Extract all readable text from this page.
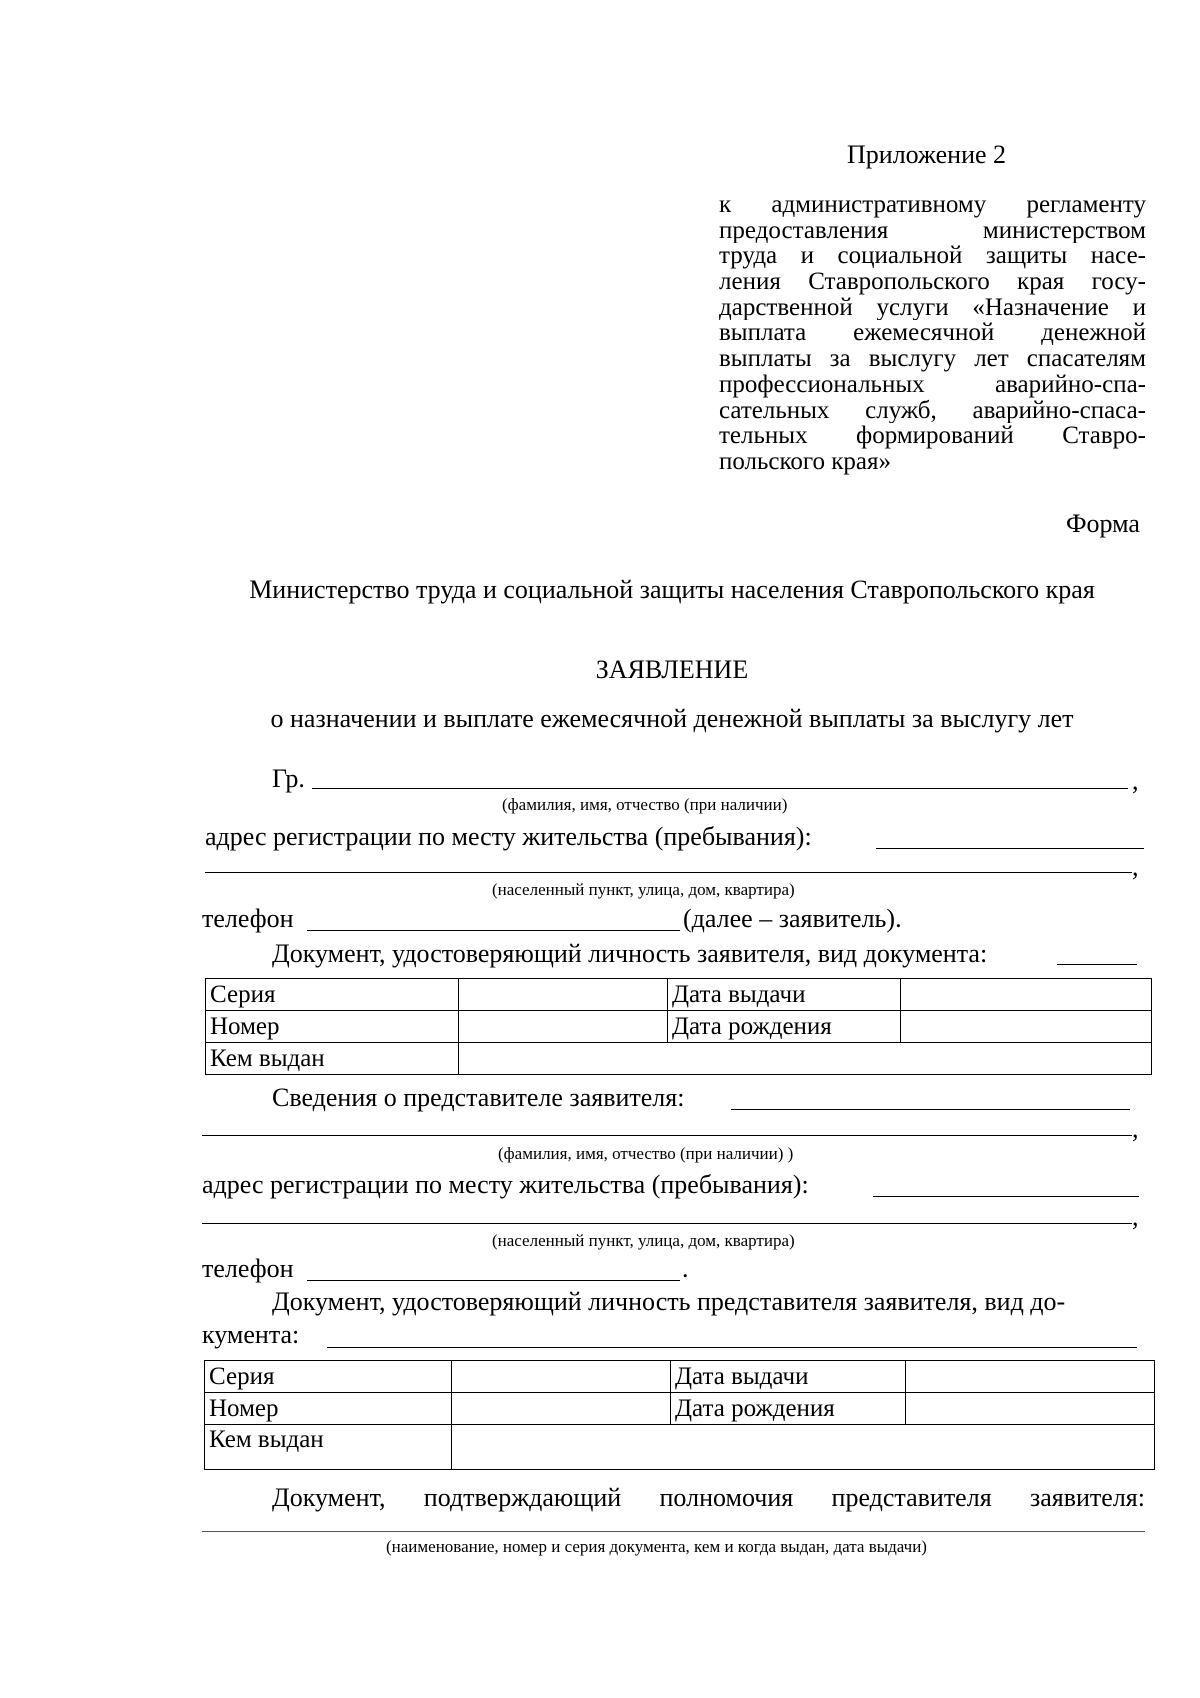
Приложение 2
к административному регламенту
предоставления министерством
труда и социальной защиты насе-
ления Ставропольского края госу-
дарственной услуги «Назначение и
выплата ежемесячной денежной
выплаты за выслугу лет спасателям
профессиональных аварийно-спа-
сательных служб, аварийно-спаса-
тельных формирований Ставро-
польского края»
Форма
Министерство труда и социальной защиты населения Ставропольского края
ЗАЯВЛЕНИЕ
о назначении и выплате ежемесячной денежной выплаты за выслугу лет
Гр.	,
(фамилия, имя, отчество (при наличии)
адрес регистрации по месту жительства (пребывания):
,
(населенный пункт, улица, дом, квартира)
телефон	(далее – заявитель).
Документ, удостоверяющий личность заявителя, вид документа:
Серия		Дата выдачи	
Номер		Дата рождения	
Кем выдан			
Сведения о представителе заявителя:
,
(фамилия, имя, отчество (при наличии) )
адрес регистрации по месту жительства (пребывания):
,
(населенный пункт, улица, дом, квартира)
телефон	.
Документ, удостоверяющий личность представителя заявителя, вид до-
кумента:
Серия		Дата выдачи	
Номер		Дата рождения	
Кем выдан			
Документ, подтверждающий полномочия представителя заявителя:
(наименование, номер и серия документа, кем и когда выдан, дата выдачи)
